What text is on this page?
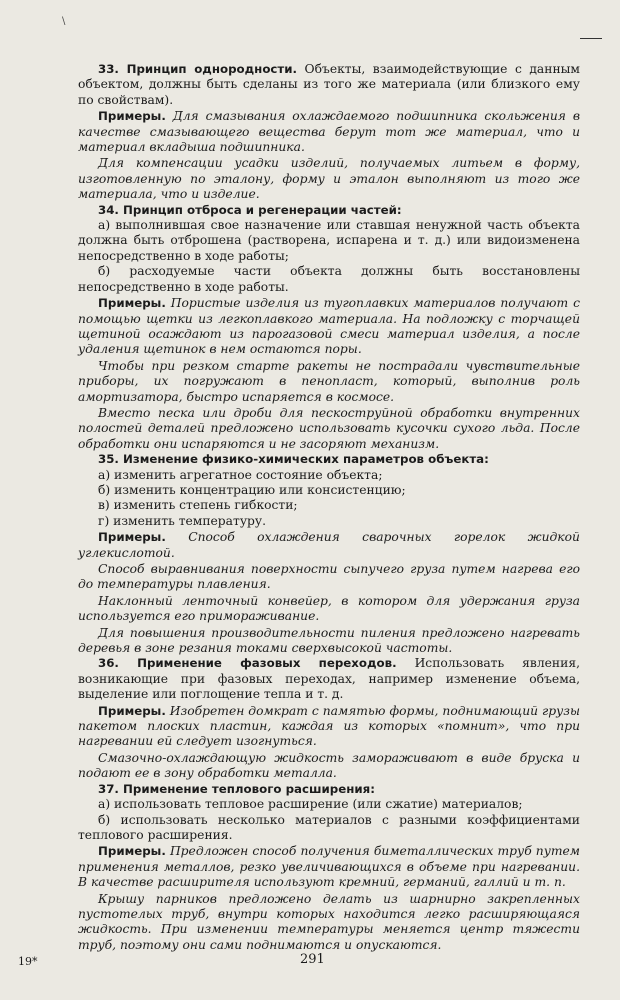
\

33. Принцип однородности. Объекты, взаимодействующие с данным объектом, должны быть сделаны из того же материала (или близкого ему по свойствам).

Примеры. Для смазывания охлаждаемого подшипника скольжения в качестве смазывающего вещества берут тот же материал, что и материал вкладыша подшипника.

Для компенсации усадки изделий, получаемых литьем в форму, изготовленную по эталону, форму и эталон выполняют из того же материала, что и изделие.

34. Принцип отброса и регенерации частей:

а) выполнившая свое назначение или ставшая ненужной часть объекта должна быть отброшена (растворена, испарена и т. д.) или видоизменена непосредственно в ходе работы;

б) расходуемые части объекта должны быть восстановлены непосредственно в ходе работы.

Примеры. Пористые изделия из тугоплавких материалов получают с помощью щетки из легкоплавкого материала. На подложку с торчащей щетиной осаждают из парогазовой смеси материал изделия, а после удаления щетинок в нем остаются поры.

Чтобы при резком старте ракеты не пострадали чувствительные приборы, их погружают в пенопласт, который, выполнив роль амортизатора, быстро испаряется в космосе.

Вместо песка или дроби для пескоструйной обработки внутренних полостей деталей предложено использовать кусочки сухого льда. После обработки они испаряются и не засоряют механизм.

35. Изменение физико-химических параметров объекта:

а) изменить агрегатное состояние объекта;

б) изменить концентрацию или консистенцию;

в) изменить степень гибкости;

г) изменить температуру.

Примеры. Способ охлаждения сварочных горелок жидкой углекислотой.

Способ выравнивания поверхности сыпучего груза путем нагрева его до температуры плавления.

Наклонный ленточный конвейер, в котором для удержания груза используется его примораживание.

Для повышения производительности пиления предложено нагревать деревья в зоне резания токами сверхвысокой частоты.

36. Применение фазовых переходов. Использовать явления, возникающие при фазовых переходах, например изменение объема, выделение или поглощение тепла и т. д.

Примеры. Изобретен домкрат с памятью формы, поднимающий грузы пакетом плоских пластин, каждая из которых «помнит», что при нагревании ей следует изогнуться.

Смазочно-охлаждающую жидкость замораживают в виде бруска и подают ее в зону обработки металла.

37. Применение теплового расширения:

а) использовать тепловое расширение (или сжатие) материалов;

б) использовать несколько материалов с разными коэффициентами теплового расширения.

Примеры. Предложен способ получения биметаллических труб путем применения металлов, резко увеличивающихся в объеме при нагревании. В качестве расширителя используют кремний, германий, галлий и т. п.

Крышу парников предложено делать из шарнирно закрепленных пустотелых труб, внутри которых находится легко расширяющаяся жидкость. При изменении температуры меняется центр тяжести труб, поэтому они сами поднимаются и опускаются.

19*	291
